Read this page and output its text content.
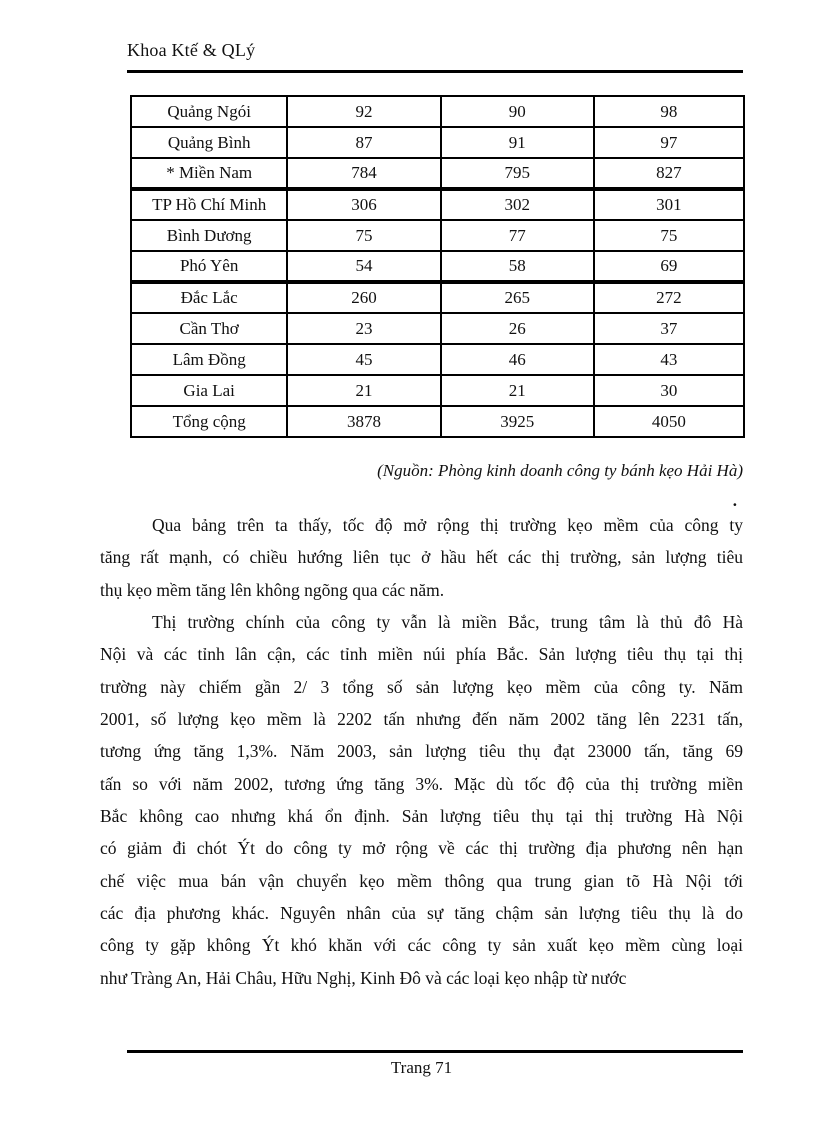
Khoa Ktế & QLý
Quảng Ngói	92	90	98
Quảng Bình	87	91	97
* Miền Nam	784	795	827
TP Hồ Chí Minh	306	302	301
Bình Dương	75	77	75
Phó Yên	54	58	69
Đắc Lắc	260	265	272
Cần Thơ	23	26	37
Lâm Đồng	45	46	43
Gia Lai	21	21	30
Tổng cộng	3878	3925	4050
(Nguồn: Phòng kinh doanh công ty bánh kẹo Hải Hà)
.
Qua bảng trên ta thấy, tốc độ mở rộng thị trường kẹo mềm của công ty
tăng rất mạnh, có chiều hướng liên tục ở hầu hết các thị trường, sản lượng tiêu
thụ kẹo mềm tăng lên không ngõng qua các năm.
Thị trường chính của công ty vẫn là miền Bắc, trung tâm là thủ đô Hà
Nội và các tỉnh lân cận, các tỉnh miền núi phía Bắc. Sản lượng tiêu thụ tại thị
trường này chiếm gần 2/ 3 tổng số sản lượng kẹo mềm của công ty. Năm
2001, số lượng kẹo mềm là 2202 tấn nhưng đến năm 2002 tăng lên 2231 tấn,
tương ứng tăng 1,3%. Năm 2003, sản lượng tiêu thụ đạt 23000 tấn, tăng 69
tấn so với năm 2002, tương ứng tăng 3%. Mặc dù tốc độ của thị trường miền
Bắc không cao nhưng khá ổn định. Sản lượng tiêu thụ tại thị trường Hà Nội
có giảm đi chót Ýt do công ty mở rộng về các thị trường địa phương nên hạn
chế việc mua bán vận chuyển kẹo mềm thông qua trung gian tõ Hà Nội tới
các địa phương khác. Nguyên nhân của sự tăng chậm sản lượng tiêu thụ là do
công ty gặp không Ýt khó khăn với các công ty sản xuất kẹo mềm cùng loại
như Tràng An, Hải Châu, Hữu Nghị, Kinh Đô và các loại kẹo nhập từ nước
Trang 71
